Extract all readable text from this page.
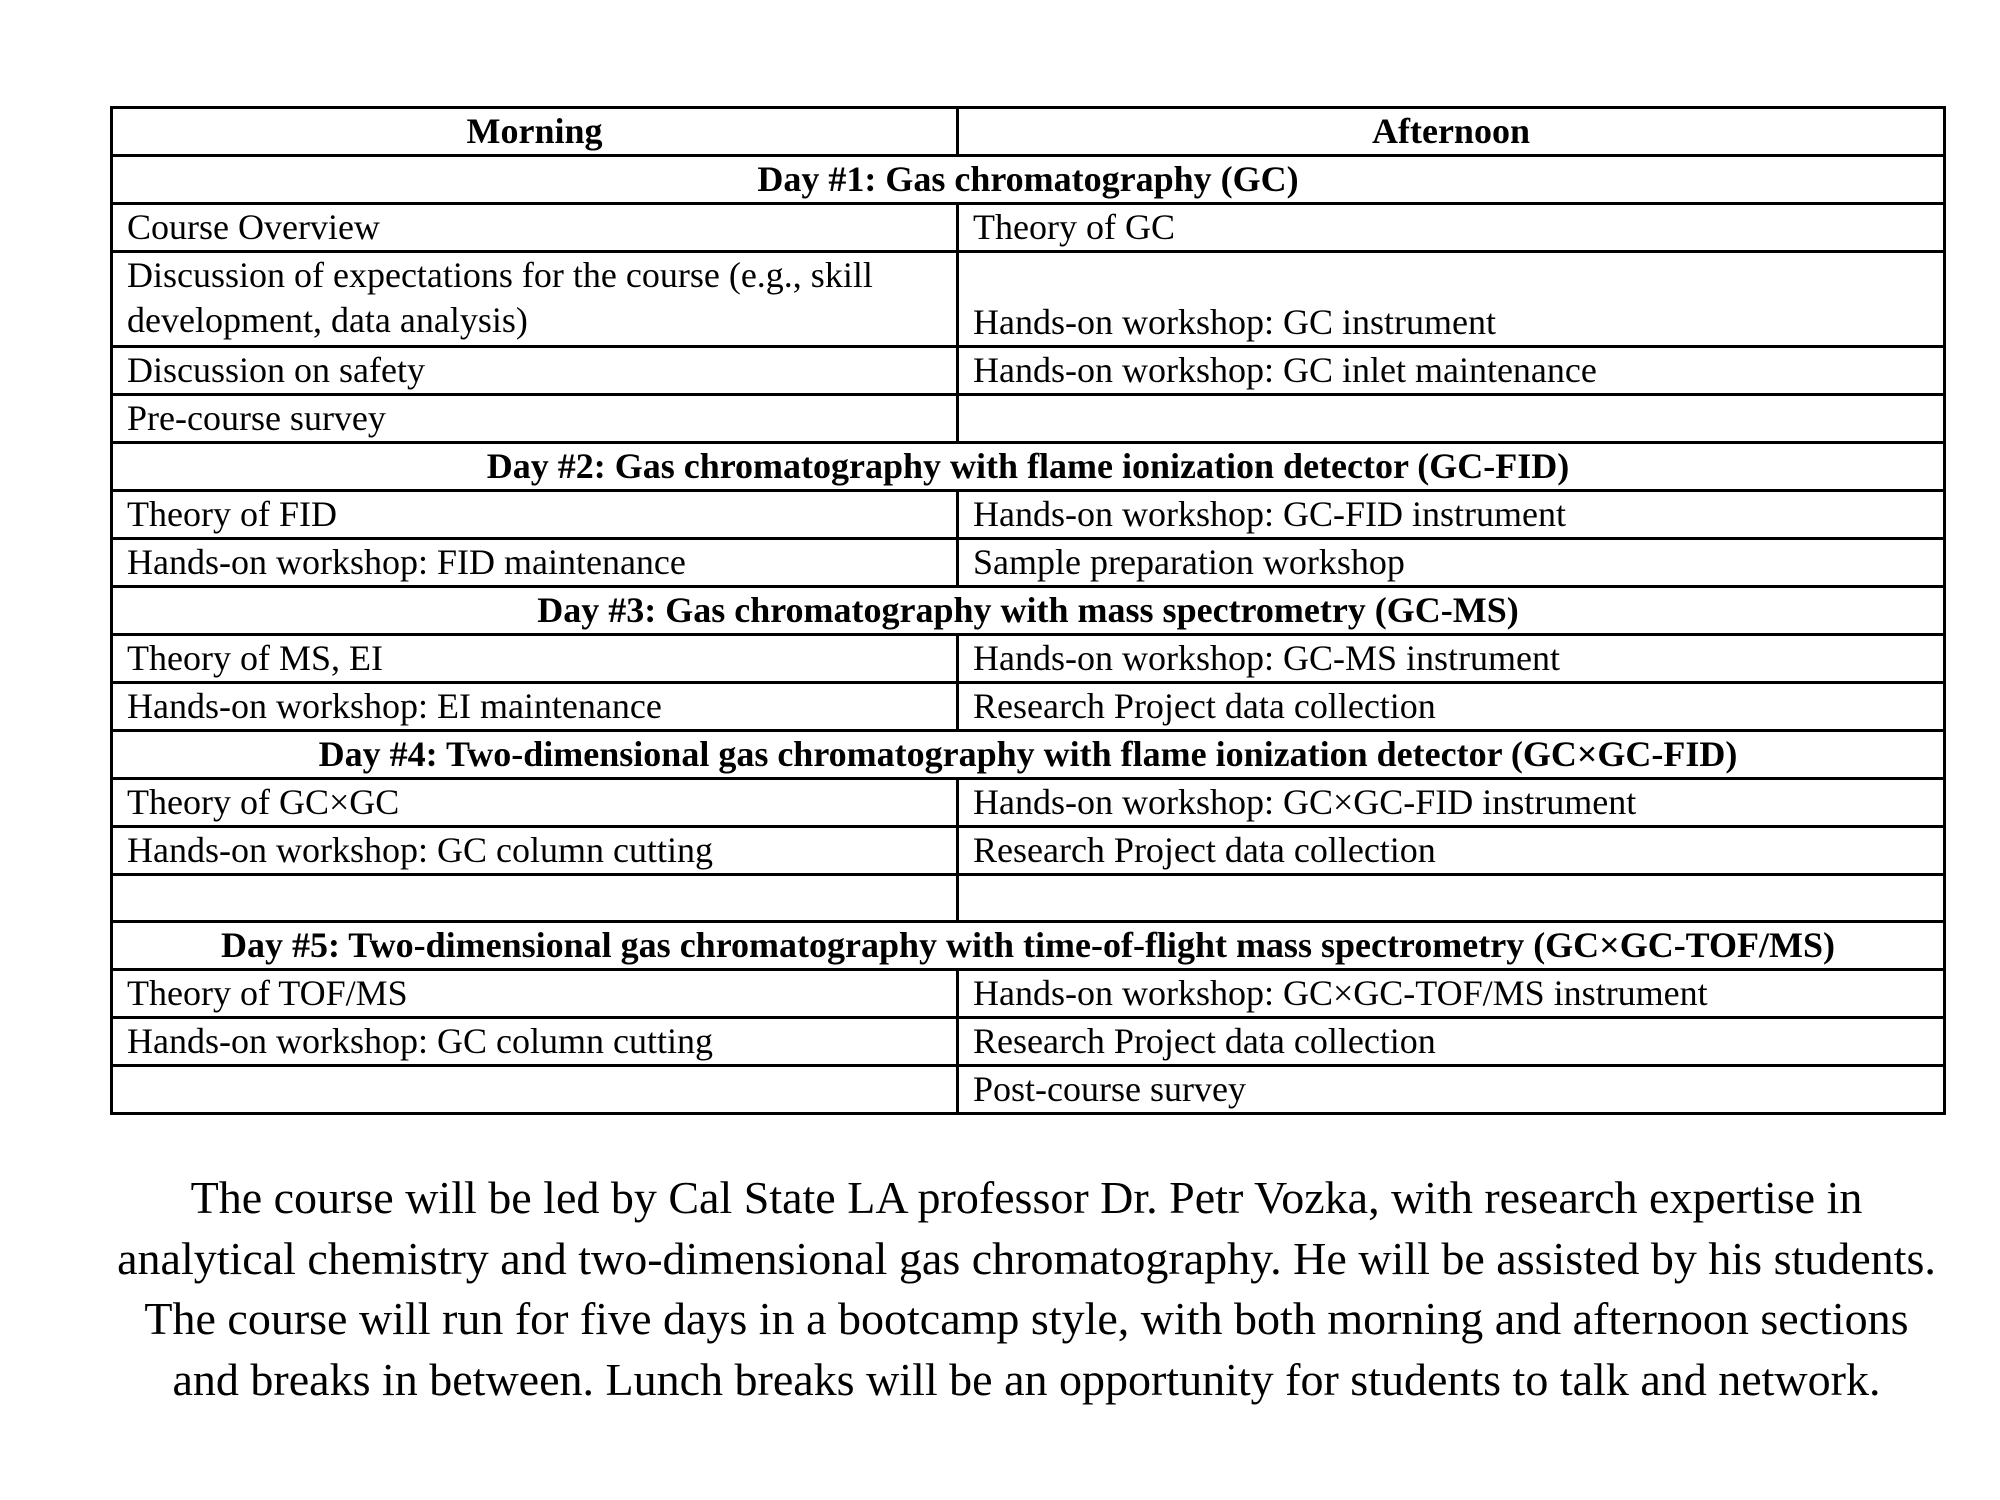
Morning	Afternoon
Day #1: Gas chromatography (GC)	
Course Overview	Theory of GC
Discussion of expectations for the course (e.g., skill development, data analysis)	Hands-on workshop: GC instrument
Discussion on safety	Hands-on workshop: GC inlet maintenance
Pre-course survey	
Day #2: Gas chromatography with flame ionization detector (GC-FID)	
Theory of FID	Hands-on workshop: GC-FID instrument
Hands-on workshop: FID maintenance	Sample preparation workshop
Day #3: Gas chromatography with mass spectrometry (GC-MS)	
Theory of MS, EI	Hands-on workshop: GC-MS instrument
Hands-on workshop: EI maintenance	Research Project data collection
Day #4: Two-dimensional gas chromatography with flame ionization detector (GC×GC-FID)	
Theory of GC×GC	Hands-on workshop: GC×GC-FID instrument
Hands-on workshop: GC column cutting	Research Project data collection

Day #5: Two-dimensional gas chromatography with time-of-flight mass spectrometry (GC×GC-TOF/MS)	
Theory of TOF/MS	Hands-on workshop: GC×GC-TOF/MS instrument
Hands-on workshop: GC column cutting	Research Project data collection
	Post-course survey

The course will be led by Cal State LA professor Dr. Petr Vozka, with research expertise in analytical chemistry and two-dimensional gas chromatography. He will be assisted by his students. The course will run for five days in a bootcamp style, with both morning and afternoon sections and breaks in between. Lunch breaks will be an opportunity for students to talk and network.
